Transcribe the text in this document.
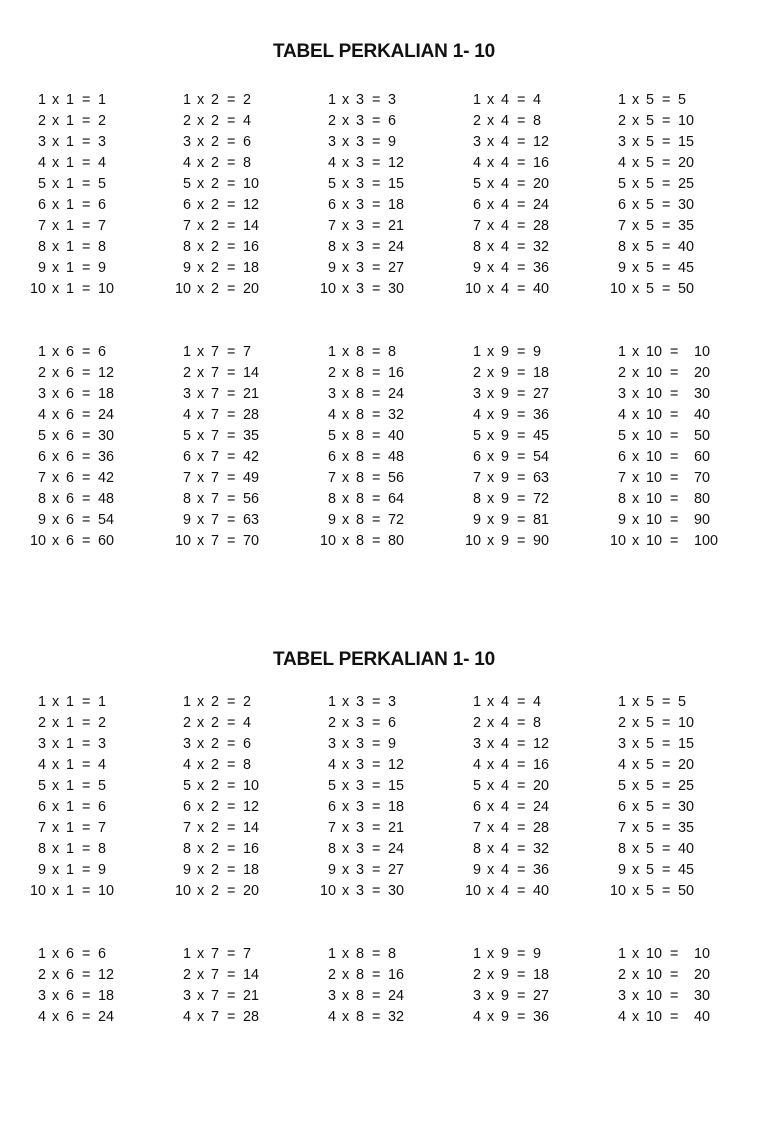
TABEL PERKALIAN 1- 10
1 x 1 = 1
2 x 1 = 2
3 x 1 = 3
4 x 1 = 4
5 x 1 = 5
6 x 1 = 6
7 x 1 = 7
8 x 1 = 8
9 x 1 = 9
10 x 1 = 10
1 x 2 = 2
2 x 2 = 4
3 x 2 = 6
4 x 2 = 8
5 x 2 = 10
6 x 2 = 12
7 x 2 = 14
8 x 2 = 16
9 x 2 = 18
10 x 2 = 20
1 x 3 = 3
2 x 3 = 6
3 x 3 = 9
4 x 3 = 12
5 x 3 = 15
6 x 3 = 18
7 x 3 = 21
8 x 3 = 24
9 x 3 = 27
10 x 3 = 30
1 x 4 = 4
2 x 4 = 8
3 x 4 = 12
4 x 4 = 16
5 x 4 = 20
6 x 4 = 24
7 x 4 = 28
8 x 4 = 32
9 x 4 = 36
10 x 4 = 40
1 x 5 = 5
2 x 5 = 10
3 x 5 = 15
4 x 5 = 20
5 x 5 = 25
6 x 5 = 30
7 x 5 = 35
8 x 5 = 40
9 x 5 = 45
10 x 5 = 50
1 x 6 = 6
2 x 6 = 12
3 x 6 = 18
4 x 6 = 24
5 x 6 = 30
6 x 6 = 36
7 x 6 = 42
8 x 6 = 48
9 x 6 = 54
10 x 6 = 60
1 x 7 = 7
2 x 7 = 14
3 x 7 = 21
4 x 7 = 28
5 x 7 = 35
6 x 7 = 42
7 x 7 = 49
8 x 7 = 56
9 x 7 = 63
10 x 7 = 70
1 x 8 = 8
2 x 8 = 16
3 x 8 = 24
4 x 8 = 32
5 x 8 = 40
6 x 8 = 48
7 x 8 = 56
8 x 8 = 64
9 x 8 = 72
10 x 8 = 80
1 x 9 = 9
2 x 9 = 18
3 x 9 = 27
4 x 9 = 36
5 x 9 = 45
6 x 9 = 54
7 x 9 = 63
8 x 9 = 72
9 x 9 = 81
10 x 9 = 90
1 x 10 = 10
2 x 10 = 20
3 x 10 = 30
4 x 10 = 40
5 x 10 = 50
6 x 10 = 60
7 x 10 = 70
8 x 10 = 80
9 x 10 = 90
10 x 10 = 100
TABEL PERKALIAN 1- 10
1 x 1 = 1
2 x 1 = 2
3 x 1 = 3
4 x 1 = 4
5 x 1 = 5
6 x 1 = 6
7 x 1 = 7
8 x 1 = 8
9 x 1 = 9
10 x 1 = 10
1 x 2 = 2
2 x 2 = 4
3 x 2 = 6
4 x 2 = 8
5 x 2 = 10
6 x 2 = 12
7 x 2 = 14
8 x 2 = 16
9 x 2 = 18
10 x 2 = 20
1 x 3 = 3
2 x 3 = 6
3 x 3 = 9
4 x 3 = 12
5 x 3 = 15
6 x 3 = 18
7 x 3 = 21
8 x 3 = 24
9 x 3 = 27
10 x 3 = 30
1 x 4 = 4
2 x 4 = 8
3 x 4 = 12
4 x 4 = 16
5 x 4 = 20
6 x 4 = 24
7 x 4 = 28
8 x 4 = 32
9 x 4 = 36
10 x 4 = 40
1 x 5 = 5
2 x 5 = 10
3 x 5 = 15
4 x 5 = 20
5 x 5 = 25
6 x 5 = 30
7 x 5 = 35
8 x 5 = 40
9 x 5 = 45
10 x 5 = 50
1 x 6 = 6
2 x 6 = 12
3 x 6 = 18
4 x 6 = 24
1 x 7 = 7
2 x 7 = 14
3 x 7 = 21
4 x 7 = 28
1 x 8 = 8
2 x 8 = 16
3 x 8 = 24
4 x 8 = 32
1 x 9 = 9
2 x 9 = 18
3 x 9 = 27
4 x 9 = 36
1 x 10 = 10
2 x 10 = 20
3 x 10 = 30
4 x 10 = 40
